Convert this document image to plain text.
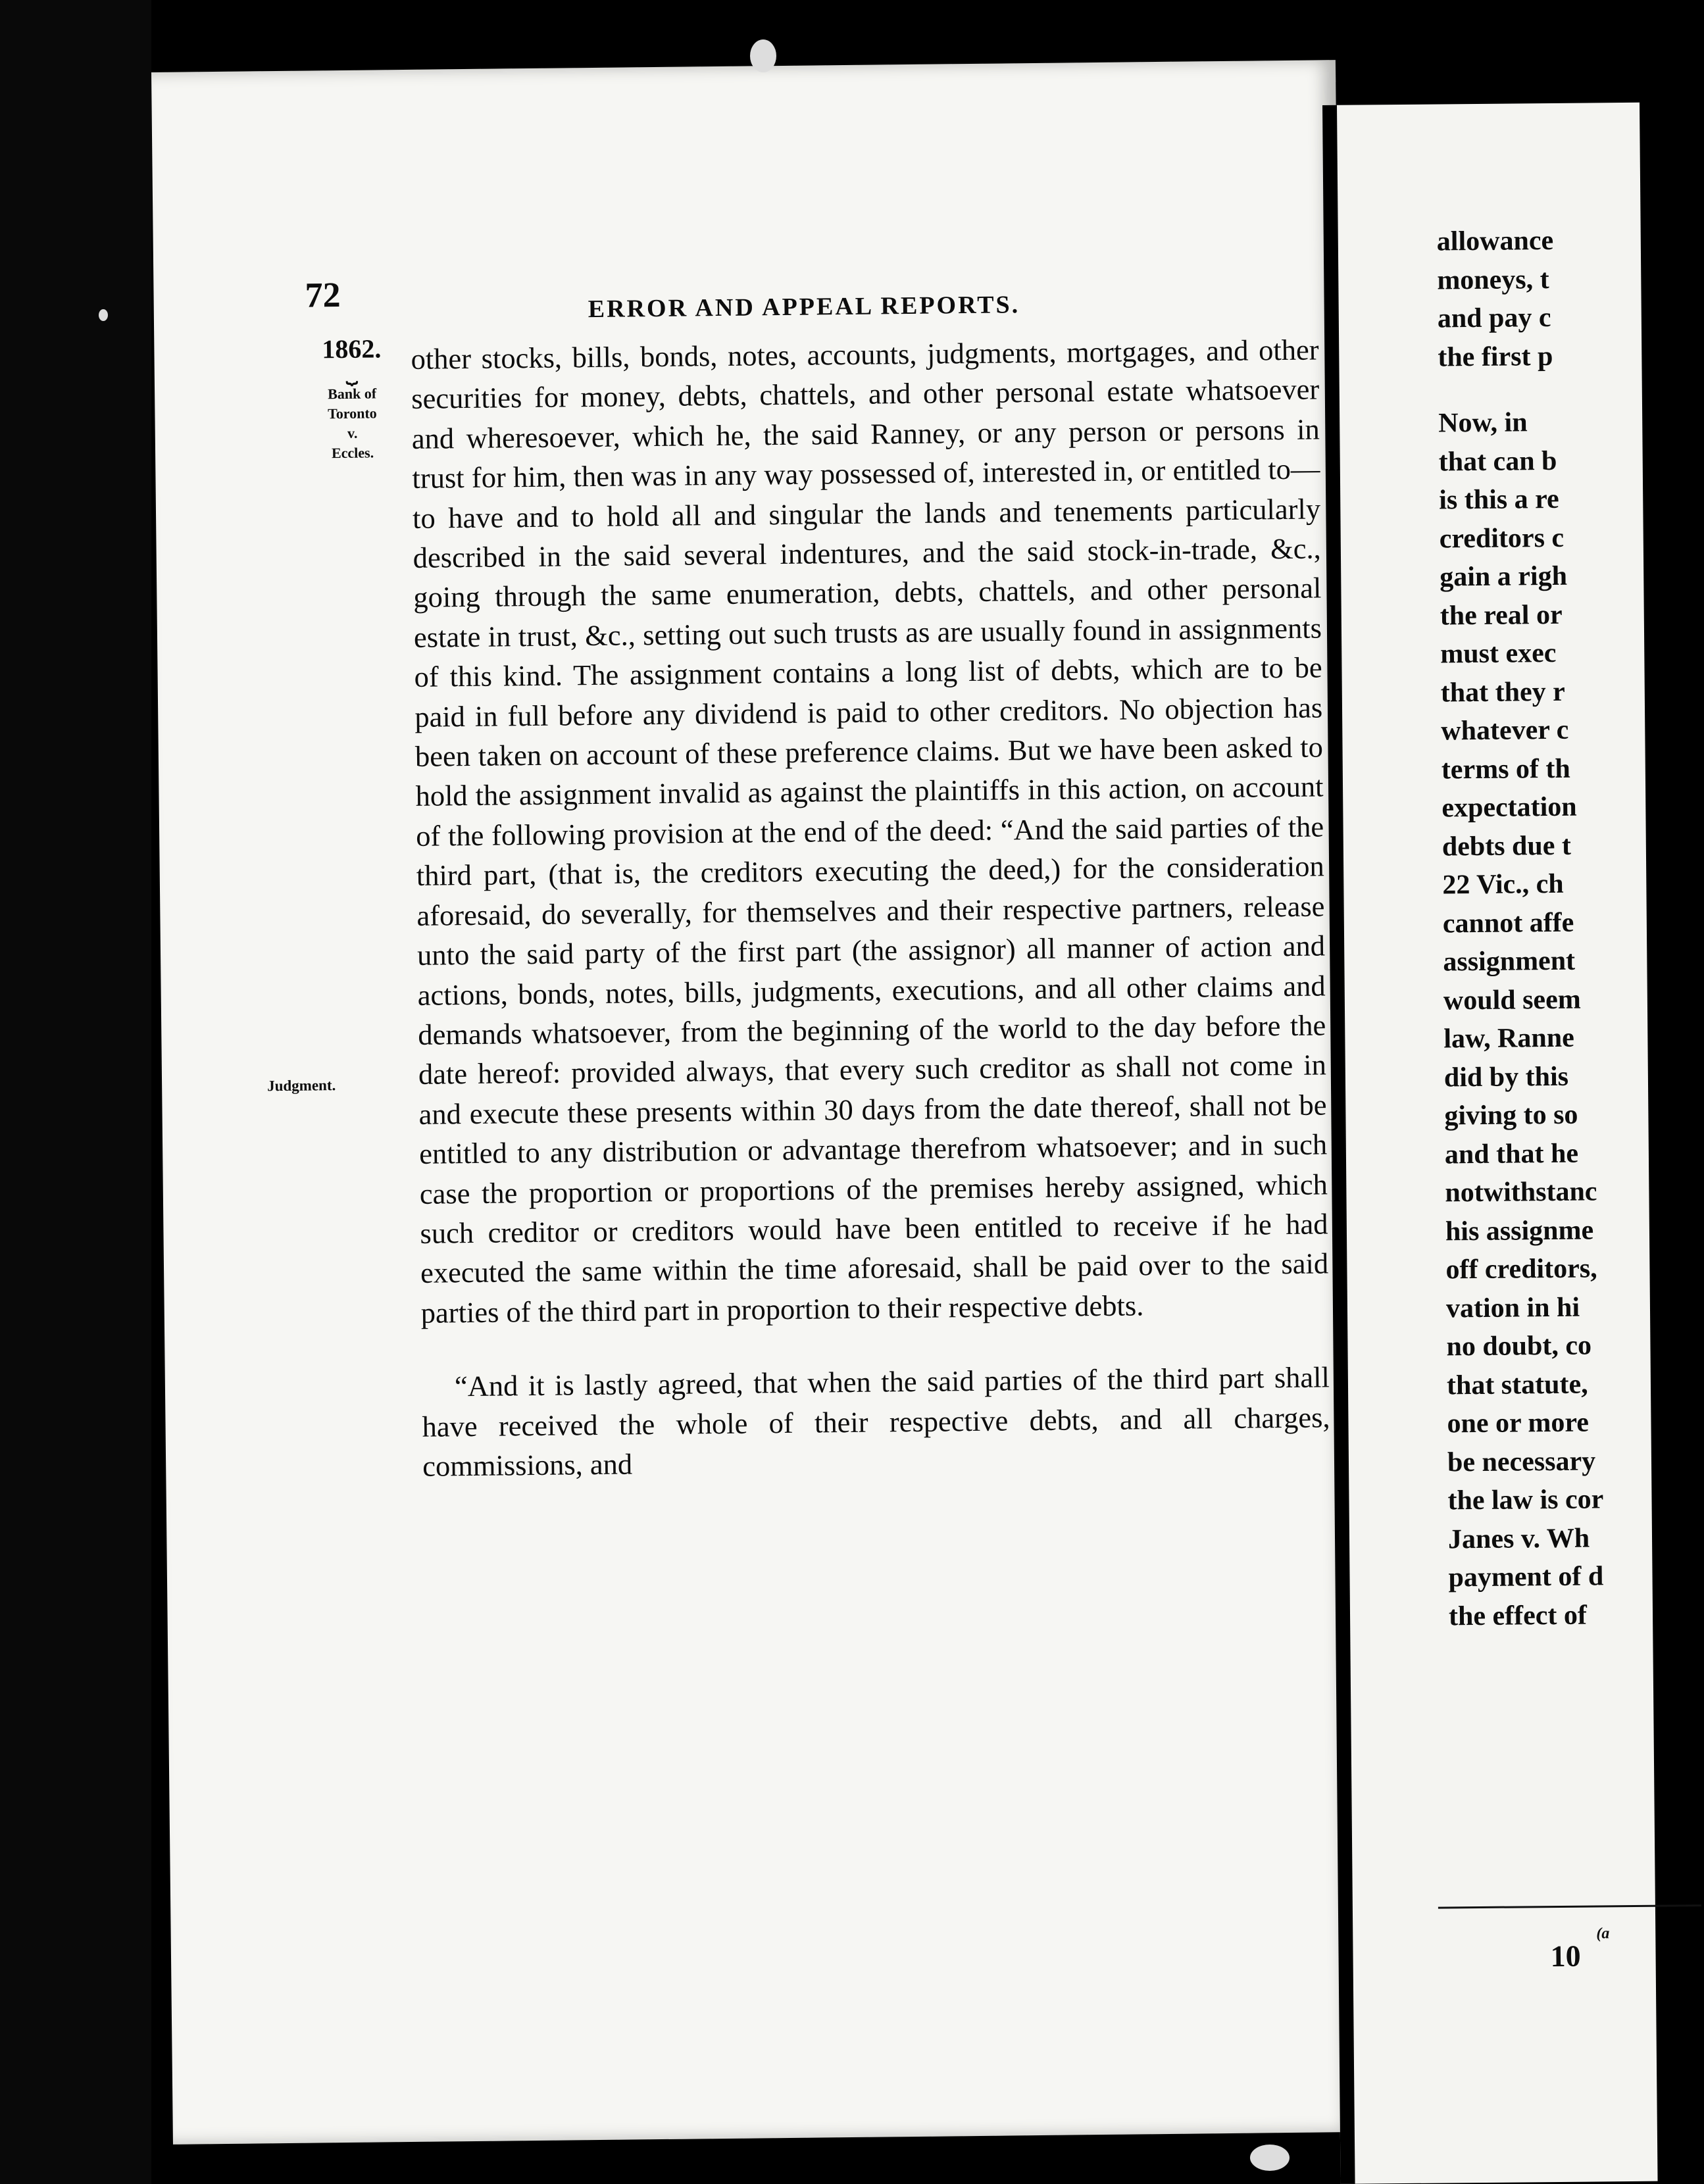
72	ERROR AND APPEAL REPORTS.
1862.
⏟
Bank of
Toronto
v.
Eccles.
Judgment.

other stocks, bills, bonds, notes, accounts, judgments, mortgages, and other securities for money, debts, chattels, and other personal estate whatsoever and wheresoever, which he, the said Ranney, or any person or persons in trust for him, then was in any way possessed of, interested in, or entitled to—to have and to hold all and singular the lands and tenements particularly described in the said several indentures, and the said stock-in-trade, &c., going through the same enumeration, debts, chattels, and other personal estate in trust, &c., setting out such trusts as are usually found in assignments of this kind. The assignment contains a long list of debts, which are to be paid in full before any dividend is paid to other creditors. No objection has been taken on account of these preference claims. But we have been asked to hold the assignment invalid as against the plaintiffs in this action, on account of the following provision at the end of the deed: “And the said parties of the third part, (that is, the creditors executing the deed,) for the consideration aforesaid, do severally, for themselves and their respective partners, release unto the said party of the first part (the assignor) all manner of action and actions, bonds, notes, bills, judgments, executions, and all other claims and demands whatsoever, from the beginning of the world to the day before the date hereof: provided always, that every such creditor as shall not come in and execute these presents within 30 days from the date thereof, shall not be entitled to any distribution or advantage therefrom whatsoever; and in such case the proportion or proportions of the premises hereby assigned, which such creditor or creditors would have been entitled to receive if he had executed the same within the time aforesaid, shall be paid over to the said parties of the third part in proportion to their respective debts.

“And it is lastly agreed, that when the said parties of the third part shall have received the whole of their respective debts, and all charges, commissions, and

allowance
moneys, t
and pay c
the first p
Now, in
that can b
is this a re
creditors c
gain a righ
the real or
must exec
that they r
whatever c
terms of th
expectation
debts due t
22 Vic., ch
cannot affe
assignment
would seem
law, Ranne
did by this
giving to so
and that he
notwithstanc
his assignme
off creditors,
vation in hi
no doubt, co
that statute,
one or more
be necessary
the law is cor
Janes v. Wh
payment of d
the effect of
(a
10
